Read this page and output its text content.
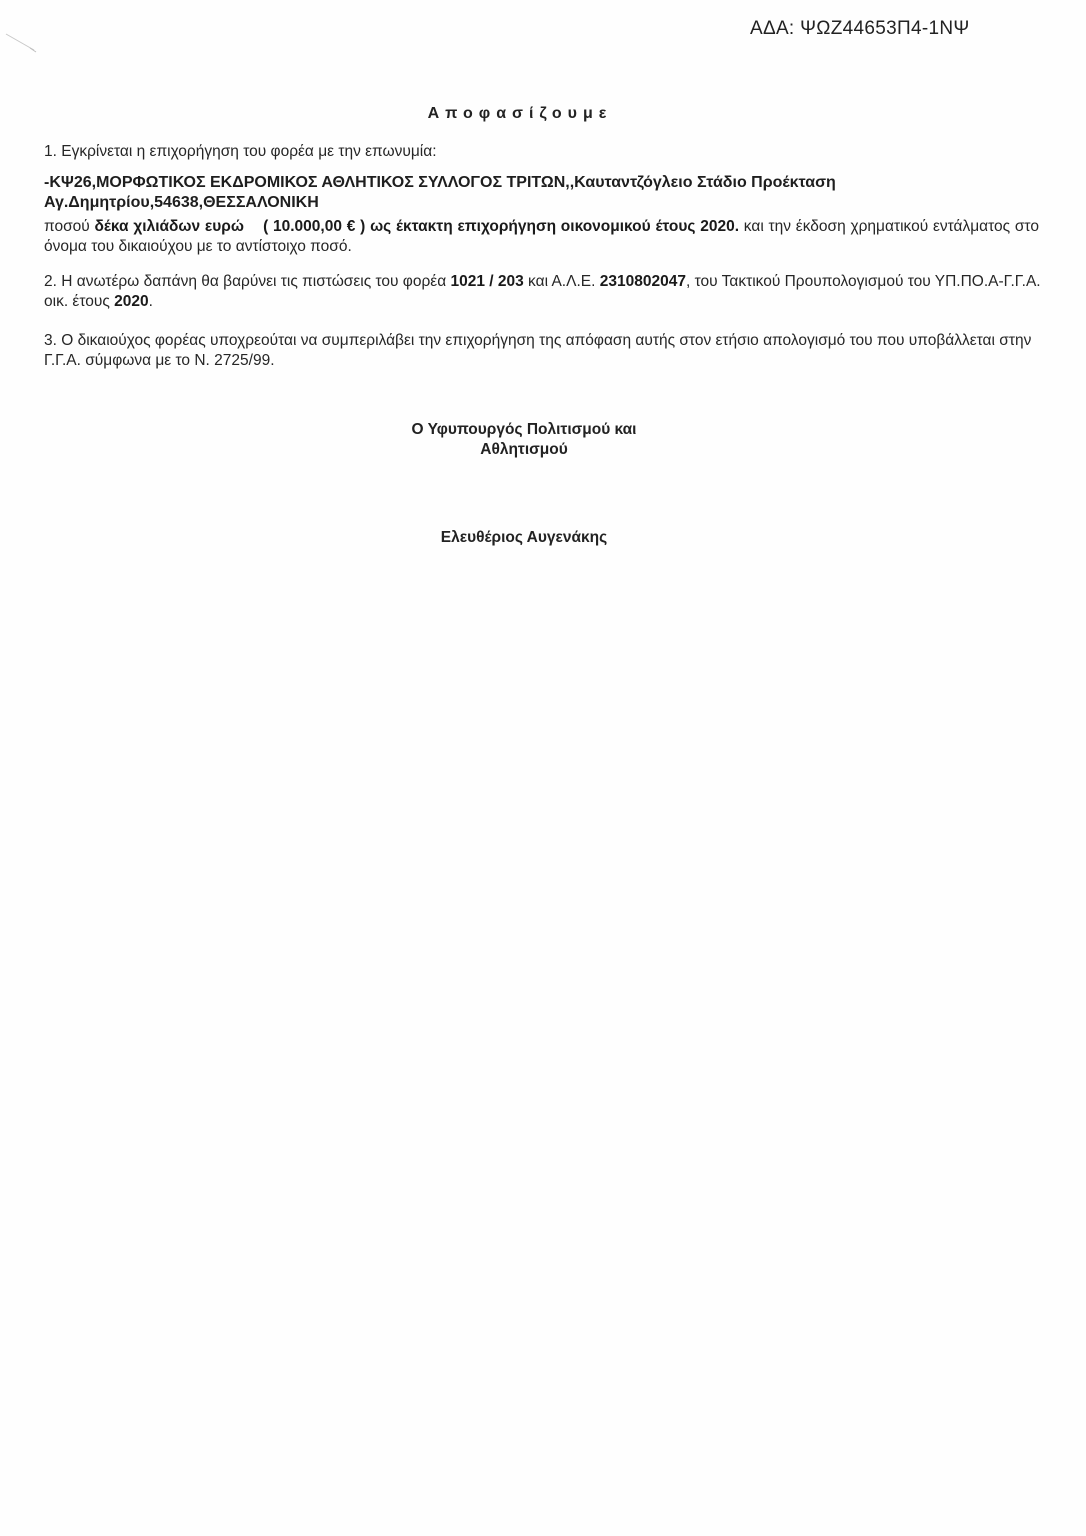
ΑΔΑ: ΨΩΖ44653Π4-1ΝΨ
Αποφασίζουμε
1. Εγκρίνεται η επιχορήγηση του φορέα με την επωνυμία:
-ΚΨ26,ΜΟΡΦΩΤΙΚΟΣ ΕΚΔΡΟΜΙΚΟΣ ΑΘΛΗΤΙΚΟΣ ΣΥΛΛΟΓΟΣ ΤΡΙΤΩΝ,,Καυταντζόγλειο Στάδιο Προέκταση
Αγ.Δημητρίου,54638,ΘΕΣΣΑΛΟΝΙΚΗ
ποσού δέκα χιλιάδων ευρώ ( 10.000,00 € ) ως έκτακτη επιχορήγηση οικονομικού έτους 2020. και την έκδοση χρηματικού εντάλματος στο όνομα του δικαιούχου με το αντίστοιχο ποσό.
2. Η ανωτέρω δαπάνη θα βαρύνει τις πιστώσεις του φορέα 1021 / 203 και Α.Λ.Ε. 2310802047, του Τακτικού Προυπολογισμού του ΥΠ.ΠΟ.Α-Γ.Γ.Α. οικ. έτους 2020.
3. Ο δικαιούχος φορέας υποχρεούται να συμπεριλάβει την επιχορήγηση της απόφαση αυτής στον ετήσιο απολογισμό του που υποβάλλεται στην Γ.Γ.Α. σύμφωνα με το Ν. 2725/99.
Ο Υφυπουργός Πολιτισμού και
Αθλητισμού
Ελευθέριος Αυγενάκης
